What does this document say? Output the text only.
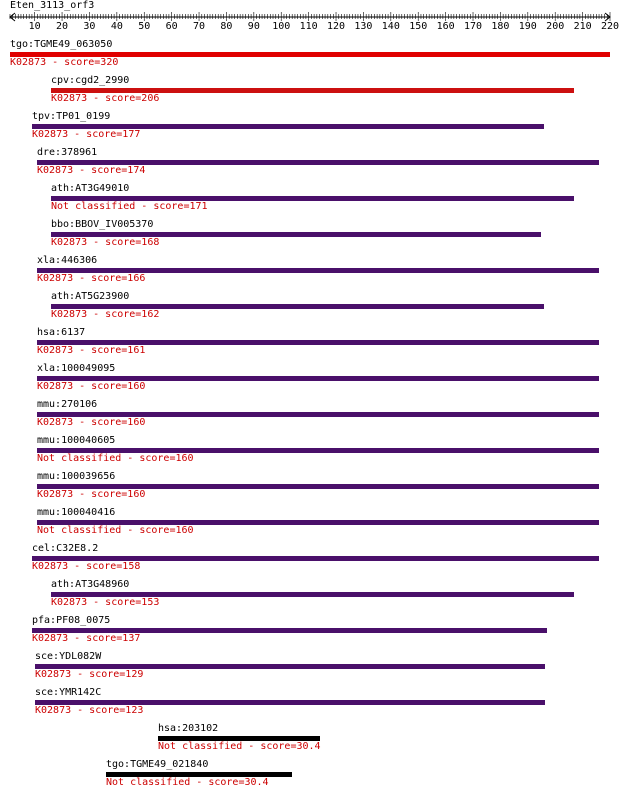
Eten_3113_orf3
10 20 30 40 50 60 70 80 90 100 110 120 130 140 150 160 170 180 190 200 210 220
tgo:TGME49_063050
K02873 - score=320
cpv:cgd2_2990
K02873 - score=206
tpv:TP01_0199
K02873 - score=177
dre:378961
K02873 - score=174
ath:AT3G49010
Not classified - score=171
bbo:BBOV_IV005370
K02873 - score=168
xla:446306
K02873 - score=166
ath:AT5G23900
K02873 - score=162
hsa:6137
K02873 - score=161
xla:100049095
K02873 - score=160
mmu:270106
K02873 - score=160
mmu:100040605
Not classified - score=160
mmu:100039656
K02873 - score=160
mmu:100040416
Not classified - score=160
cel:C32E8.2
K02873 - score=158
ath:AT3G48960
K02873 - score=153
pfa:PF08_0075
K02873 - score=137
sce:YDL082W
K02873 - score=129
sce:YMR142C
K02873 - score=123
hsa:203102
Not classified - score=30.4
tgo:TGME49_021840
Not classified - score=30.4
